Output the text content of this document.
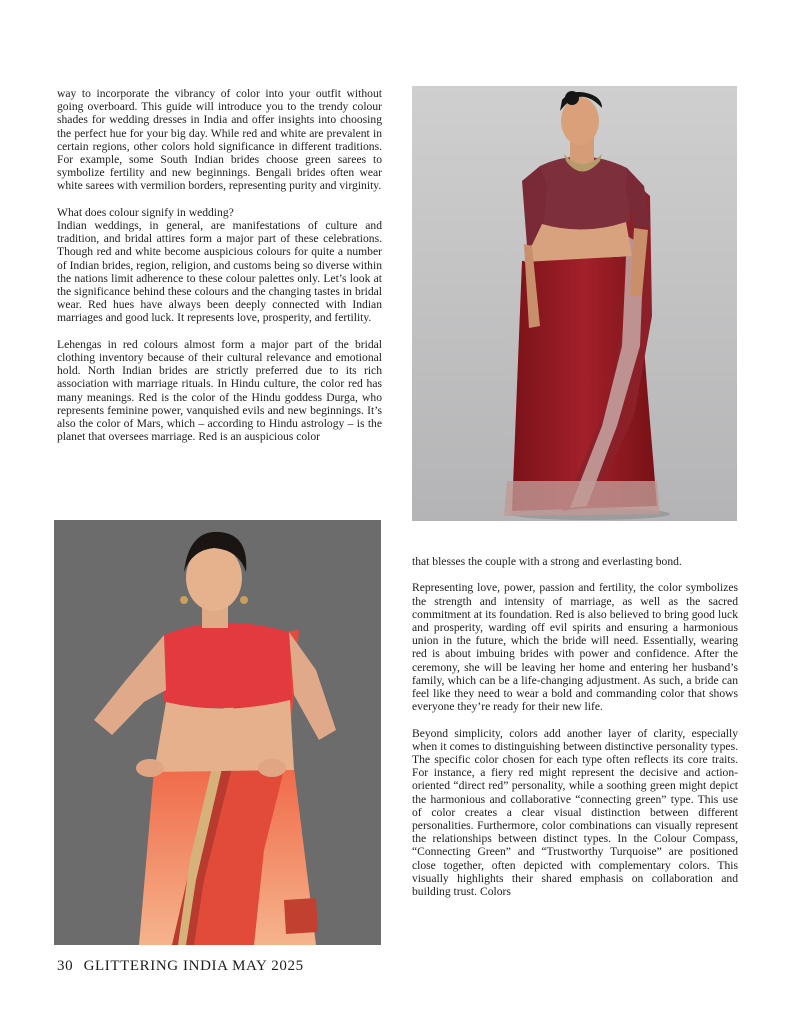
way to incorporate the vibrancy of color into your outfit without going overboard. This guide will introduce you to the trendy colour shades for wedding dresses in India and offer insights into choosing the perfect hue for your big day. While red and white are prevalent in certain regions, other colors hold significance in different traditions. For example, some South Indian brides choose green sarees to symbolize fertility and new beginnings. Bengali brides often wear white sarees with vermilion borders, representing purity and virginity.

What does colour signify in wedding?
Indian weddings, in general, are manifestations of culture and tradition, and bridal attires form a major part of these celebrations. Though red and white become auspicious colours for quite a number of Indian brides, region, religion, and customs being so diverse within the nations limit adherence to these colour palettes only. Let’s look at the significance behind these colours and the changing tastes in bridal wear. Red hues have always been deeply connected with Indian marriages and good luck. It represents love, prosperity, and fertility.

Lehengas in red colours almost form a major part of the bridal clothing inventory because of their cultural relevance and emotional hold. North Indian brides are strictly preferred due to its rich association with marriage rituals. In Hindu culture, the color red has many meanings. Red is the color of the Hindu goddess Durga, who represents feminine power, vanquished evils and new beginnings. It’s also the color of Mars, which – according to Hindu astrology – is the planet that oversees marriage. Red is an auspicious color

that blesses the couple with a strong and everlasting bond.

Representing love, power, passion and fertility, the color symbolizes the strength and intensity of marriage, as well as the sacred commitment at its foundation. Red is also believed to bring good luck and prosperity, warding off evil spirits and ensuring a harmonious union in the future, which the bride will need. Essentially, wearing red is about imbuing brides with power and confidence. After the ceremony, she will be leaving her home and entering her husband’s family, which can be a life-changing adjustment. As such, a bride can feel like they need to wear a bold and commanding color that shows everyone they’re ready for their new life.

Beyond simplicity, colors add another layer of clarity, especially when it comes to distinguishing between distinctive personality types. The specific color chosen for each type often reflects its core traits. For instance, a fiery red might represent the decisive and action-oriented “direct red” personality, while a soothing green might depict the harmonious and collaborative “connecting green” type. This use of color creates a clear visual distinction between different personalities. Furthermore, color combinations can visually represent the relationships between distinct types. In the Colour Compass, “Connecting Green” and “Trustworthy Turquoise” are positioned close together, often depicted with complementary colors. This visually highlights their shared emphasis on collaboration and building trust. Colors

30 GLITTERING INDIA MAY 2025
